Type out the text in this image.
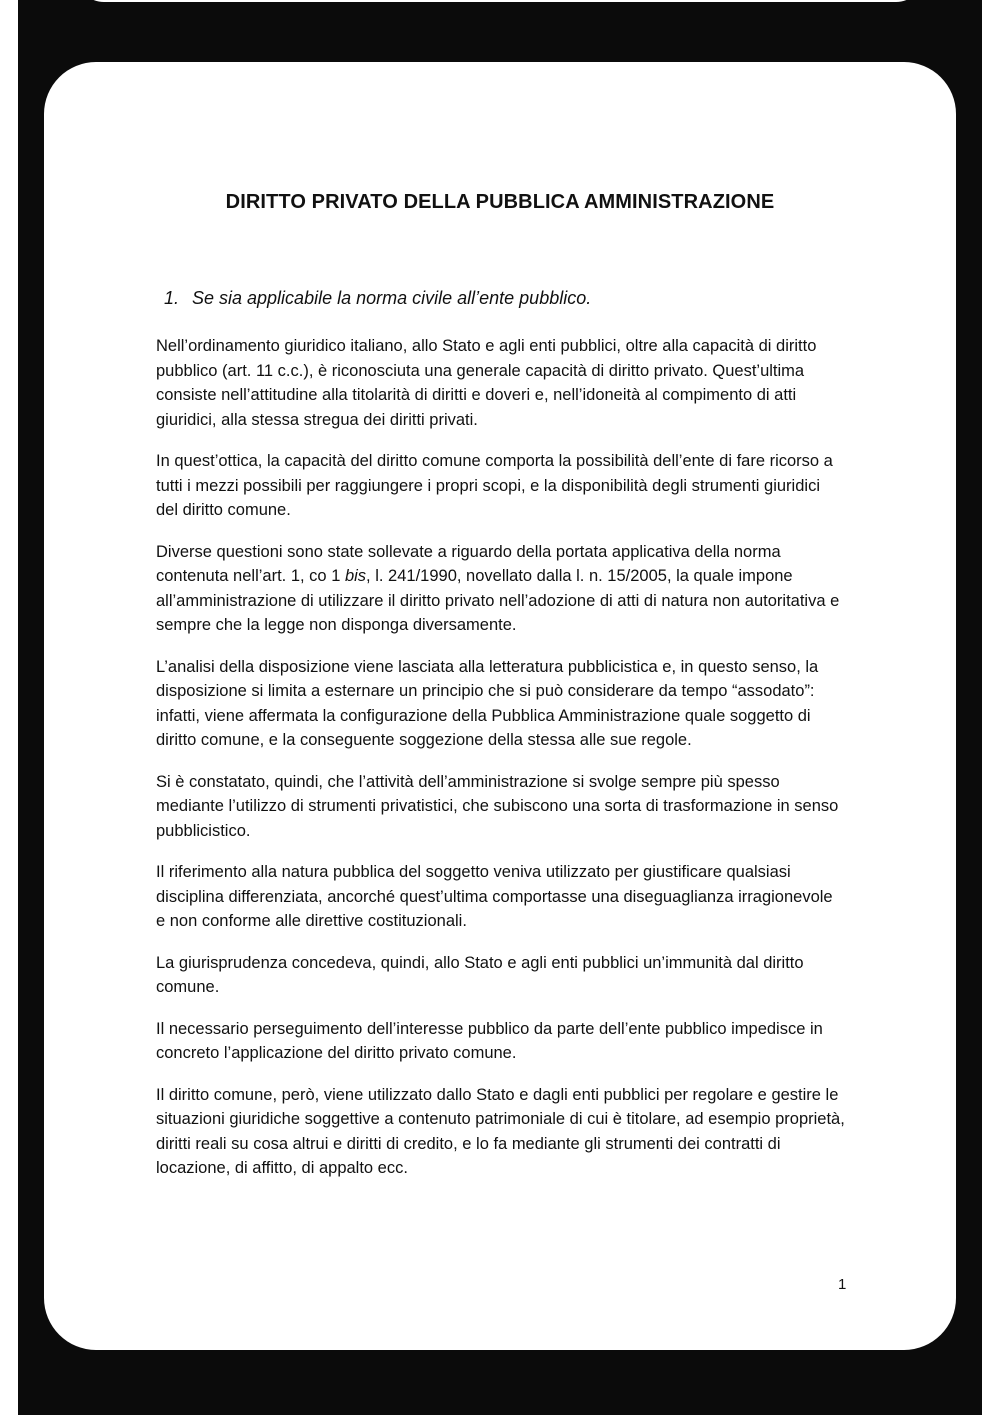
DIRITTO PRIVATO DELLA PUBBLICA AMMINISTRAZIONE
1. Se sia applicabile la norma civile all’ente pubblico.

Nell’ordinamento giuridico italiano, allo Stato e agli enti pubblici, oltre alla capacità di diritto pubblico (art. 11 c.c.), è riconosciuta una generale capacità di diritto privato. Quest’ultima consiste nell’attitudine alla titolarità di diritti e doveri e, nell’idoneità al compimento di atti giuridici, alla stessa stregua dei diritti privati.

In quest’ottica, la capacità del diritto comune comporta la possibilità dell’ente di fare ricorso a tutti i mezzi possibili per raggiungere i propri scopi, e la disponibilità degli strumenti giuridici del diritto comune.

Diverse questioni sono state sollevate a riguardo della portata applicativa della norma contenuta nell’art. 1, co 1 bis, l. 241/1990, novellato dalla l. n. 15/2005, la quale impone all’amministrazione di utilizzare il diritto privato nell’adozione di atti di natura non autoritativa e sempre che la legge non disponga diversamente.

L’analisi della disposizione viene lasciata alla letteratura pubblicistica e, in questo senso, la disposizione si limita a esternare un principio che si può considerare da tempo “assodato”: infatti, viene affermata la configurazione della Pubblica Amministrazione quale soggetto di diritto comune, e la conseguente soggezione della stessa alle sue regole.

Si è constatato, quindi, che l’attività dell’amministrazione si svolge sempre più spesso mediante l’utilizzo di strumenti privatistici, che subiscono una sorta di trasformazione in senso pubblicistico.

Il riferimento alla natura pubblica del soggetto veniva utilizzato per giustificare qualsiasi disciplina differenziata, ancorché quest’ultima comportasse una diseguaglianza irragionevole e non conforme alle direttive costituzionali.

La giurisprudenza concedeva, quindi, allo Stato e agli enti pubblici un’immunità dal diritto comune.

Il necessario perseguimento dell’interesse pubblico da parte dell’ente pubblico impedisce in concreto l’applicazione del diritto privato comune.

Il diritto comune, però, viene utilizzato dallo Stato e dagli enti pubblici per regolare e gestire le situazioni giuridiche soggettive a contenuto patrimoniale di cui è titolare, ad esempio proprietà, diritti reali su cosa altrui e diritti di credito, e lo fa mediante gli strumenti dei contratti di locazione, di affitto, di appalto ecc.

1
